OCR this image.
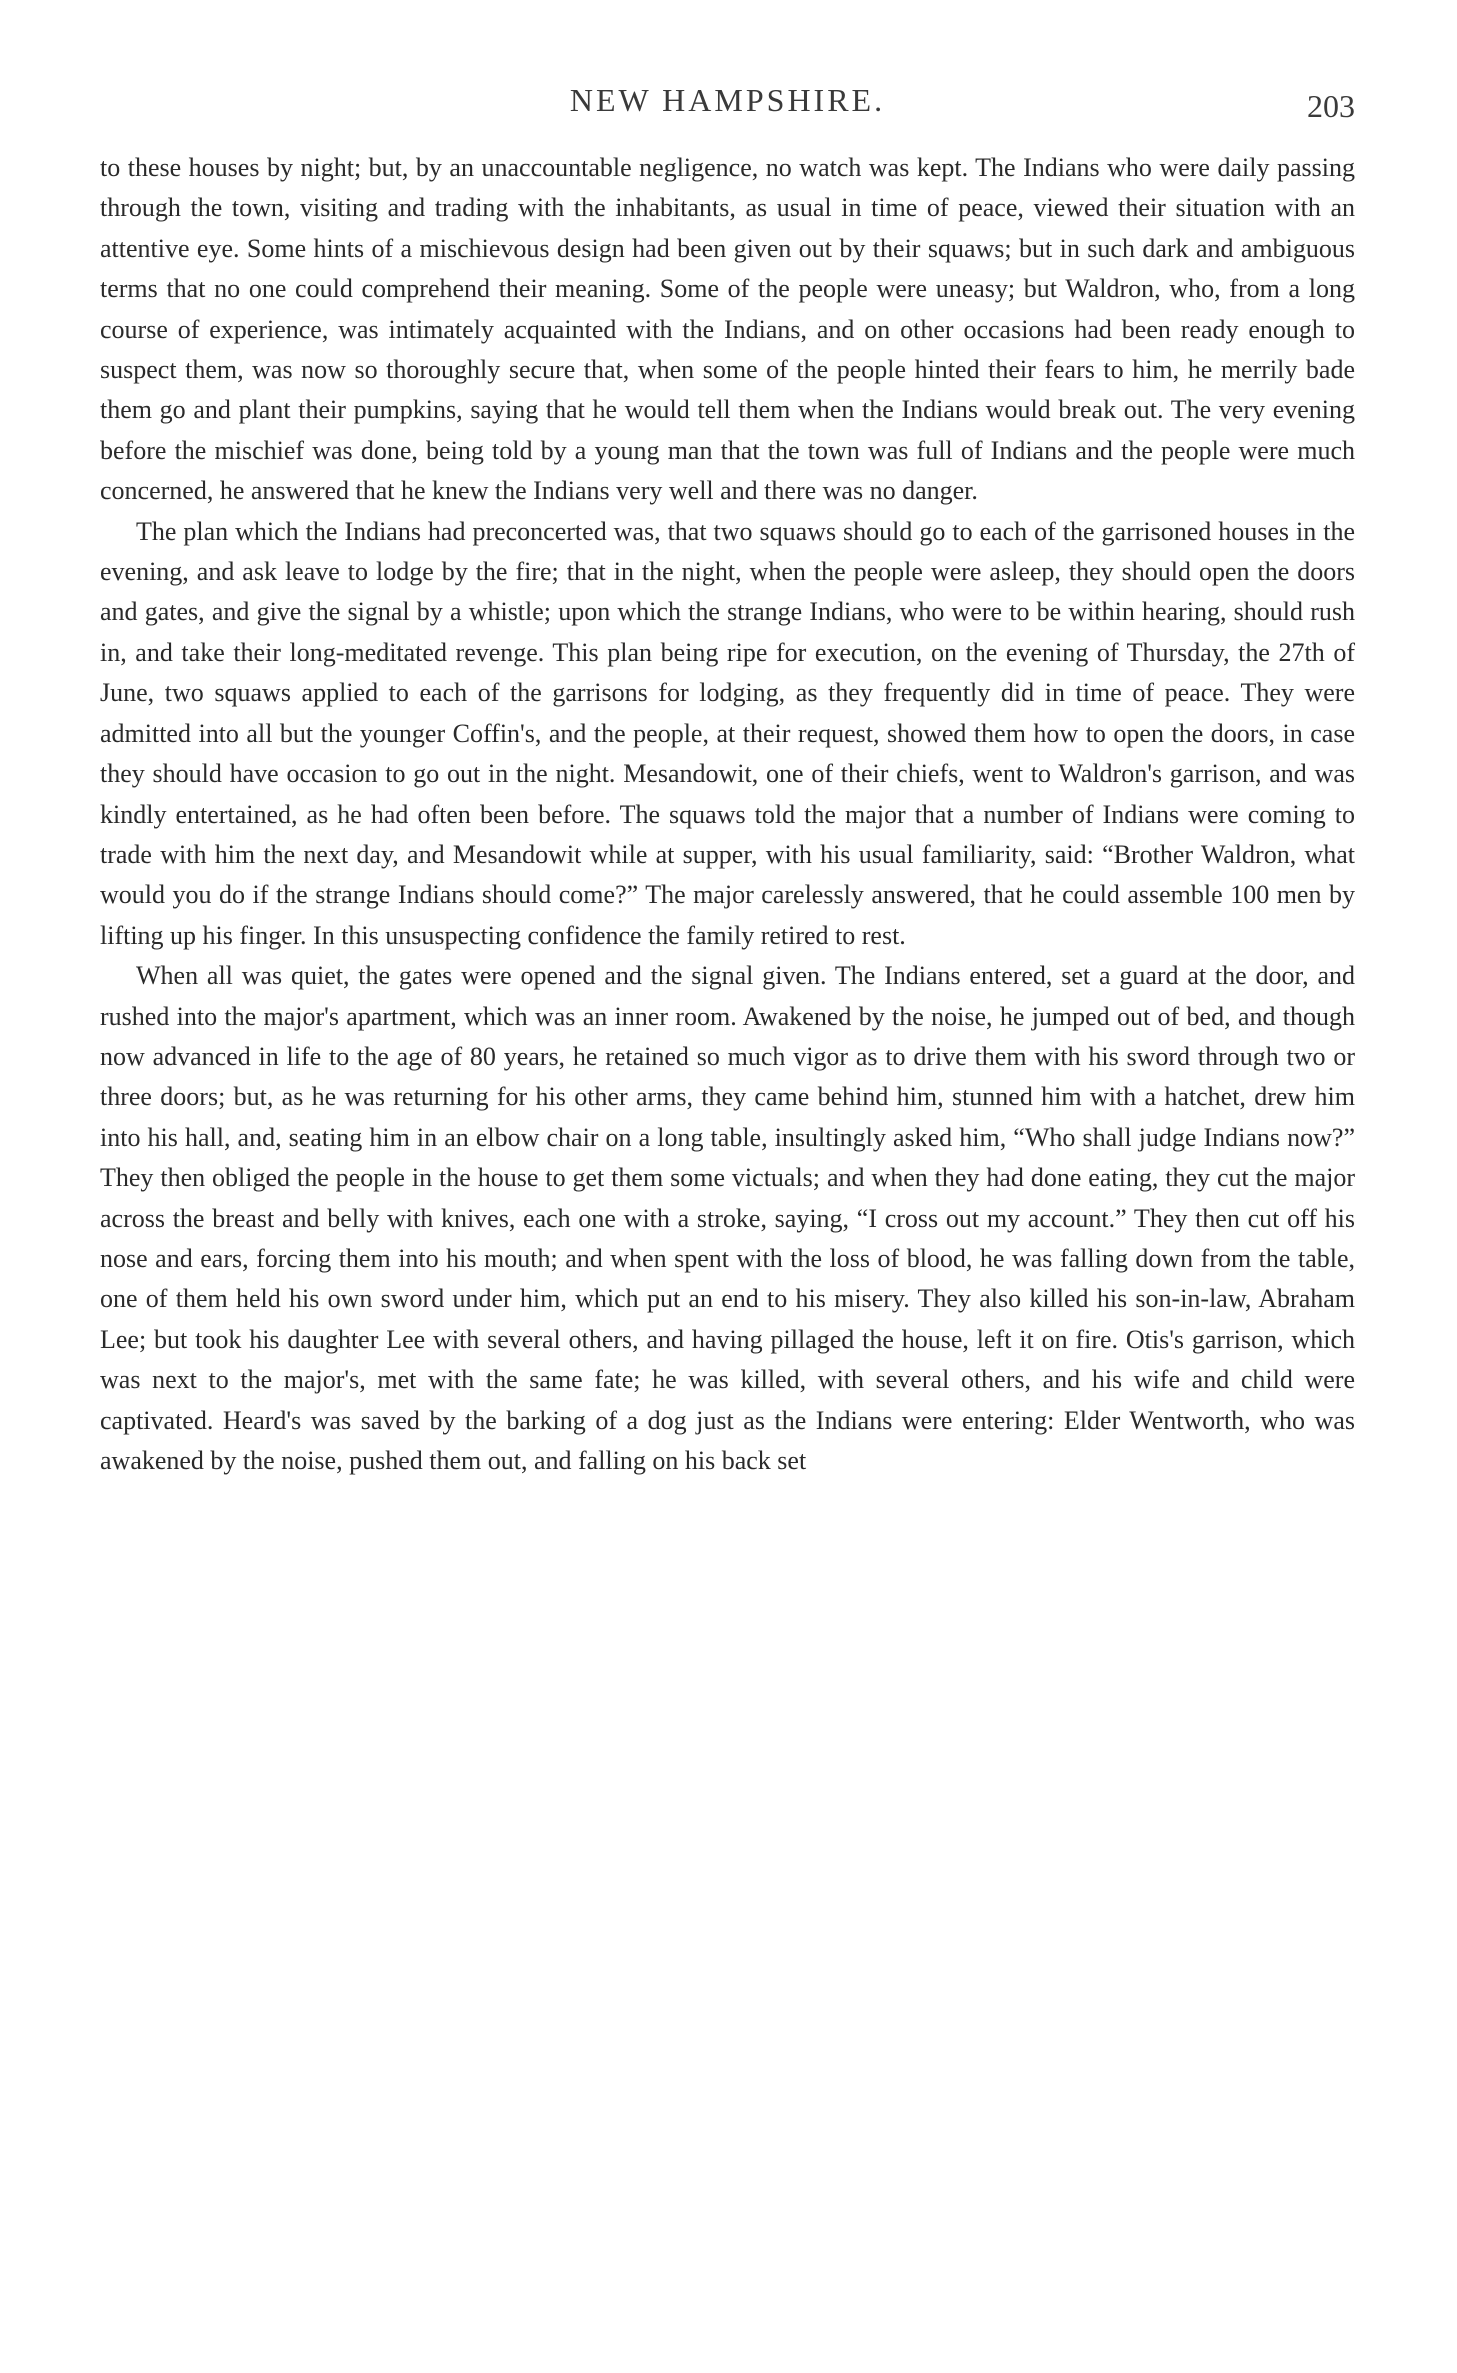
NEW HAMPSHIRE.	203

to these houses by night; but, by an unaccountable negligence, no watch was kept. The Indians who were daily passing through the town, visiting and trading with the inhabitants, as usual in time of peace, viewed their situation with an attentive eye. Some hints of a mischievous design had been given out by their squaws; but in such dark and ambiguous terms that no one could comprehend their meaning. Some of the people were uneasy; but Waldron, who, from a long course of experience, was intimately acquainted with the Indians, and on other occasions had been ready enough to suspect them, was now so thoroughly secure that, when some of the people hinted their fears to him, he merrily bade them go and plant their pumpkins, saying that he would tell them when the Indians would break out. The very evening before the mischief was done, being told by a young man that the town was full of Indians and the people were much concerned, he answered that he knew the Indians very well and there was no danger.

The plan which the Indians had preconcerted was, that two squaws should go to each of the garrisoned houses in the evening, and ask leave to lodge by the fire; that in the night, when the people were asleep, they should open the doors and gates, and give the signal by a whistle; upon which the strange Indians, who were to be within hearing, should rush in, and take their long-meditated revenge. This plan being ripe for execution, on the evening of Thursday, the 27th of June, two squaws applied to each of the garrisons for lodging, as they frequently did in time of peace. They were admitted into all but the younger Coffin's, and the people, at their request, showed them how to open the doors, in case they should have occasion to go out in the night. Mesandowit, one of their chiefs, went to Waldron's garrison, and was kindly entertained, as he had often been before. The squaws told the major that a number of Indians were coming to trade with him the next day, and Mesandowit while at supper, with his usual familiarity, said: “Brother Waldron, what would you do if the strange Indians should come?” The major carelessly answered, that he could assemble 100 men by lifting up his finger. In this unsuspecting confidence the family retired to rest.

When all was quiet, the gates were opened and the signal given. The Indians entered, set a guard at the door, and rushed into the major's apartment, which was an inner room. Awakened by the noise, he jumped out of bed, and though now advanced in life to the age of 80 years, he retained so much vigor as to drive them with his sword through two or three doors; but, as he was returning for his other arms, they came behind him, stunned him with a hatchet, drew him into his hall, and, seating him in an elbow chair on a long table, insultingly asked him, “Who shall judge Indians now?” They then obliged the people in the house to get them some victuals; and when they had done eating, they cut the major across the breast and belly with knives, each one with a stroke, saying, “I cross out my account.” They then cut off his nose and ears, forcing them into his mouth; and when spent with the loss of blood, he was falling down from the table, one of them held his own sword under him, which put an end to his misery. They also killed his son-in-law, Abraham Lee; but took his daughter Lee with several others, and having pillaged the house, left it on fire. Otis's garrison, which was next to the major's, met with the same fate; he was killed, with several others, and his wife and child were captivated. Heard's was saved by the barking of a dog just as the Indians were entering: Elder Wentworth, who was awakened by the noise, pushed them out, and falling on his back set
